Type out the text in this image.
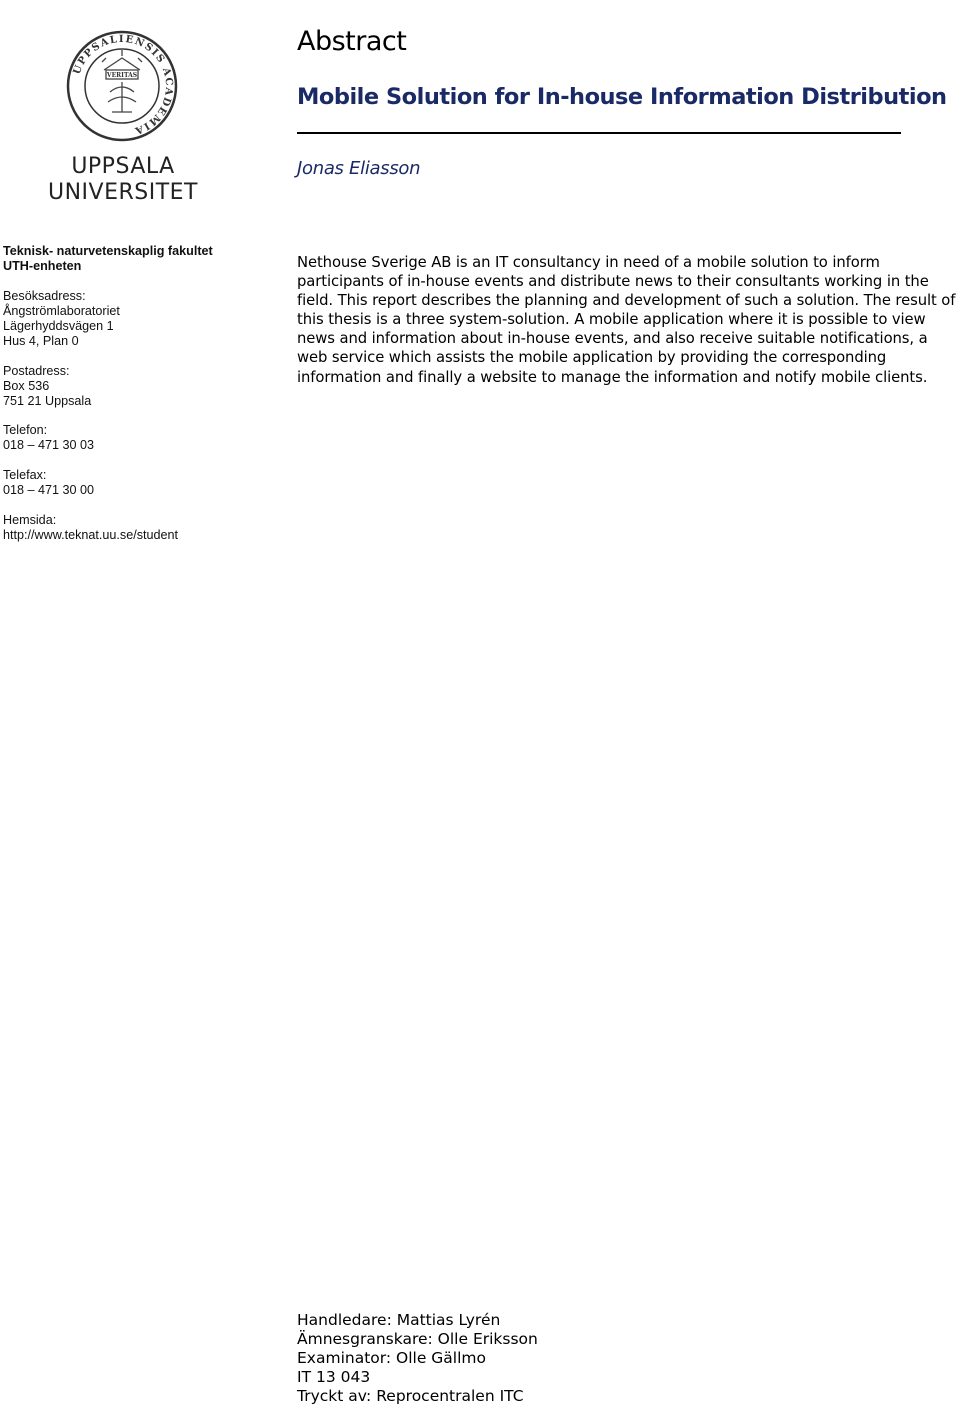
UPPSALIENSIS ACADEMIA
VERITAS
UPPSALA
UNIVERSITET
Teknisk- naturvetenskaplig fakultet
UTH-enheten
Besöksadress:
Ångströmlaboratoriet
Lägerhyddsvägen 1
Hus 4, Plan 0
Postadress:
Box 536
751 21 Uppsala
Telefon:
018 – 471 30 03
Telefax:
018 – 471 30 00
Hemsida:
http://www.teknat.uu.se/student
Abstract
Mobile Solution for In-house Information Distribution

Jonas Eliasson

Nethouse Sverige AB is an IT consultancy in need of a mobile solution to inform participants of in-house events and distribute news to their consultants working in the field. This report describes the planning and development of such a solution. The result of this thesis is a three system-solution. A mobile application where it is possible to view news and information about in-house events, and also receive suitable notifications, a web service which assists the mobile application by providing the corresponding information and finally a website to manage the information and notify mobile clients.

Handledare: Mattias Lyrén
Ämnesgranskare: Olle Eriksson
Examinator: Olle Gällmo
IT 13 043
Tryckt av: Reprocentralen ITC
